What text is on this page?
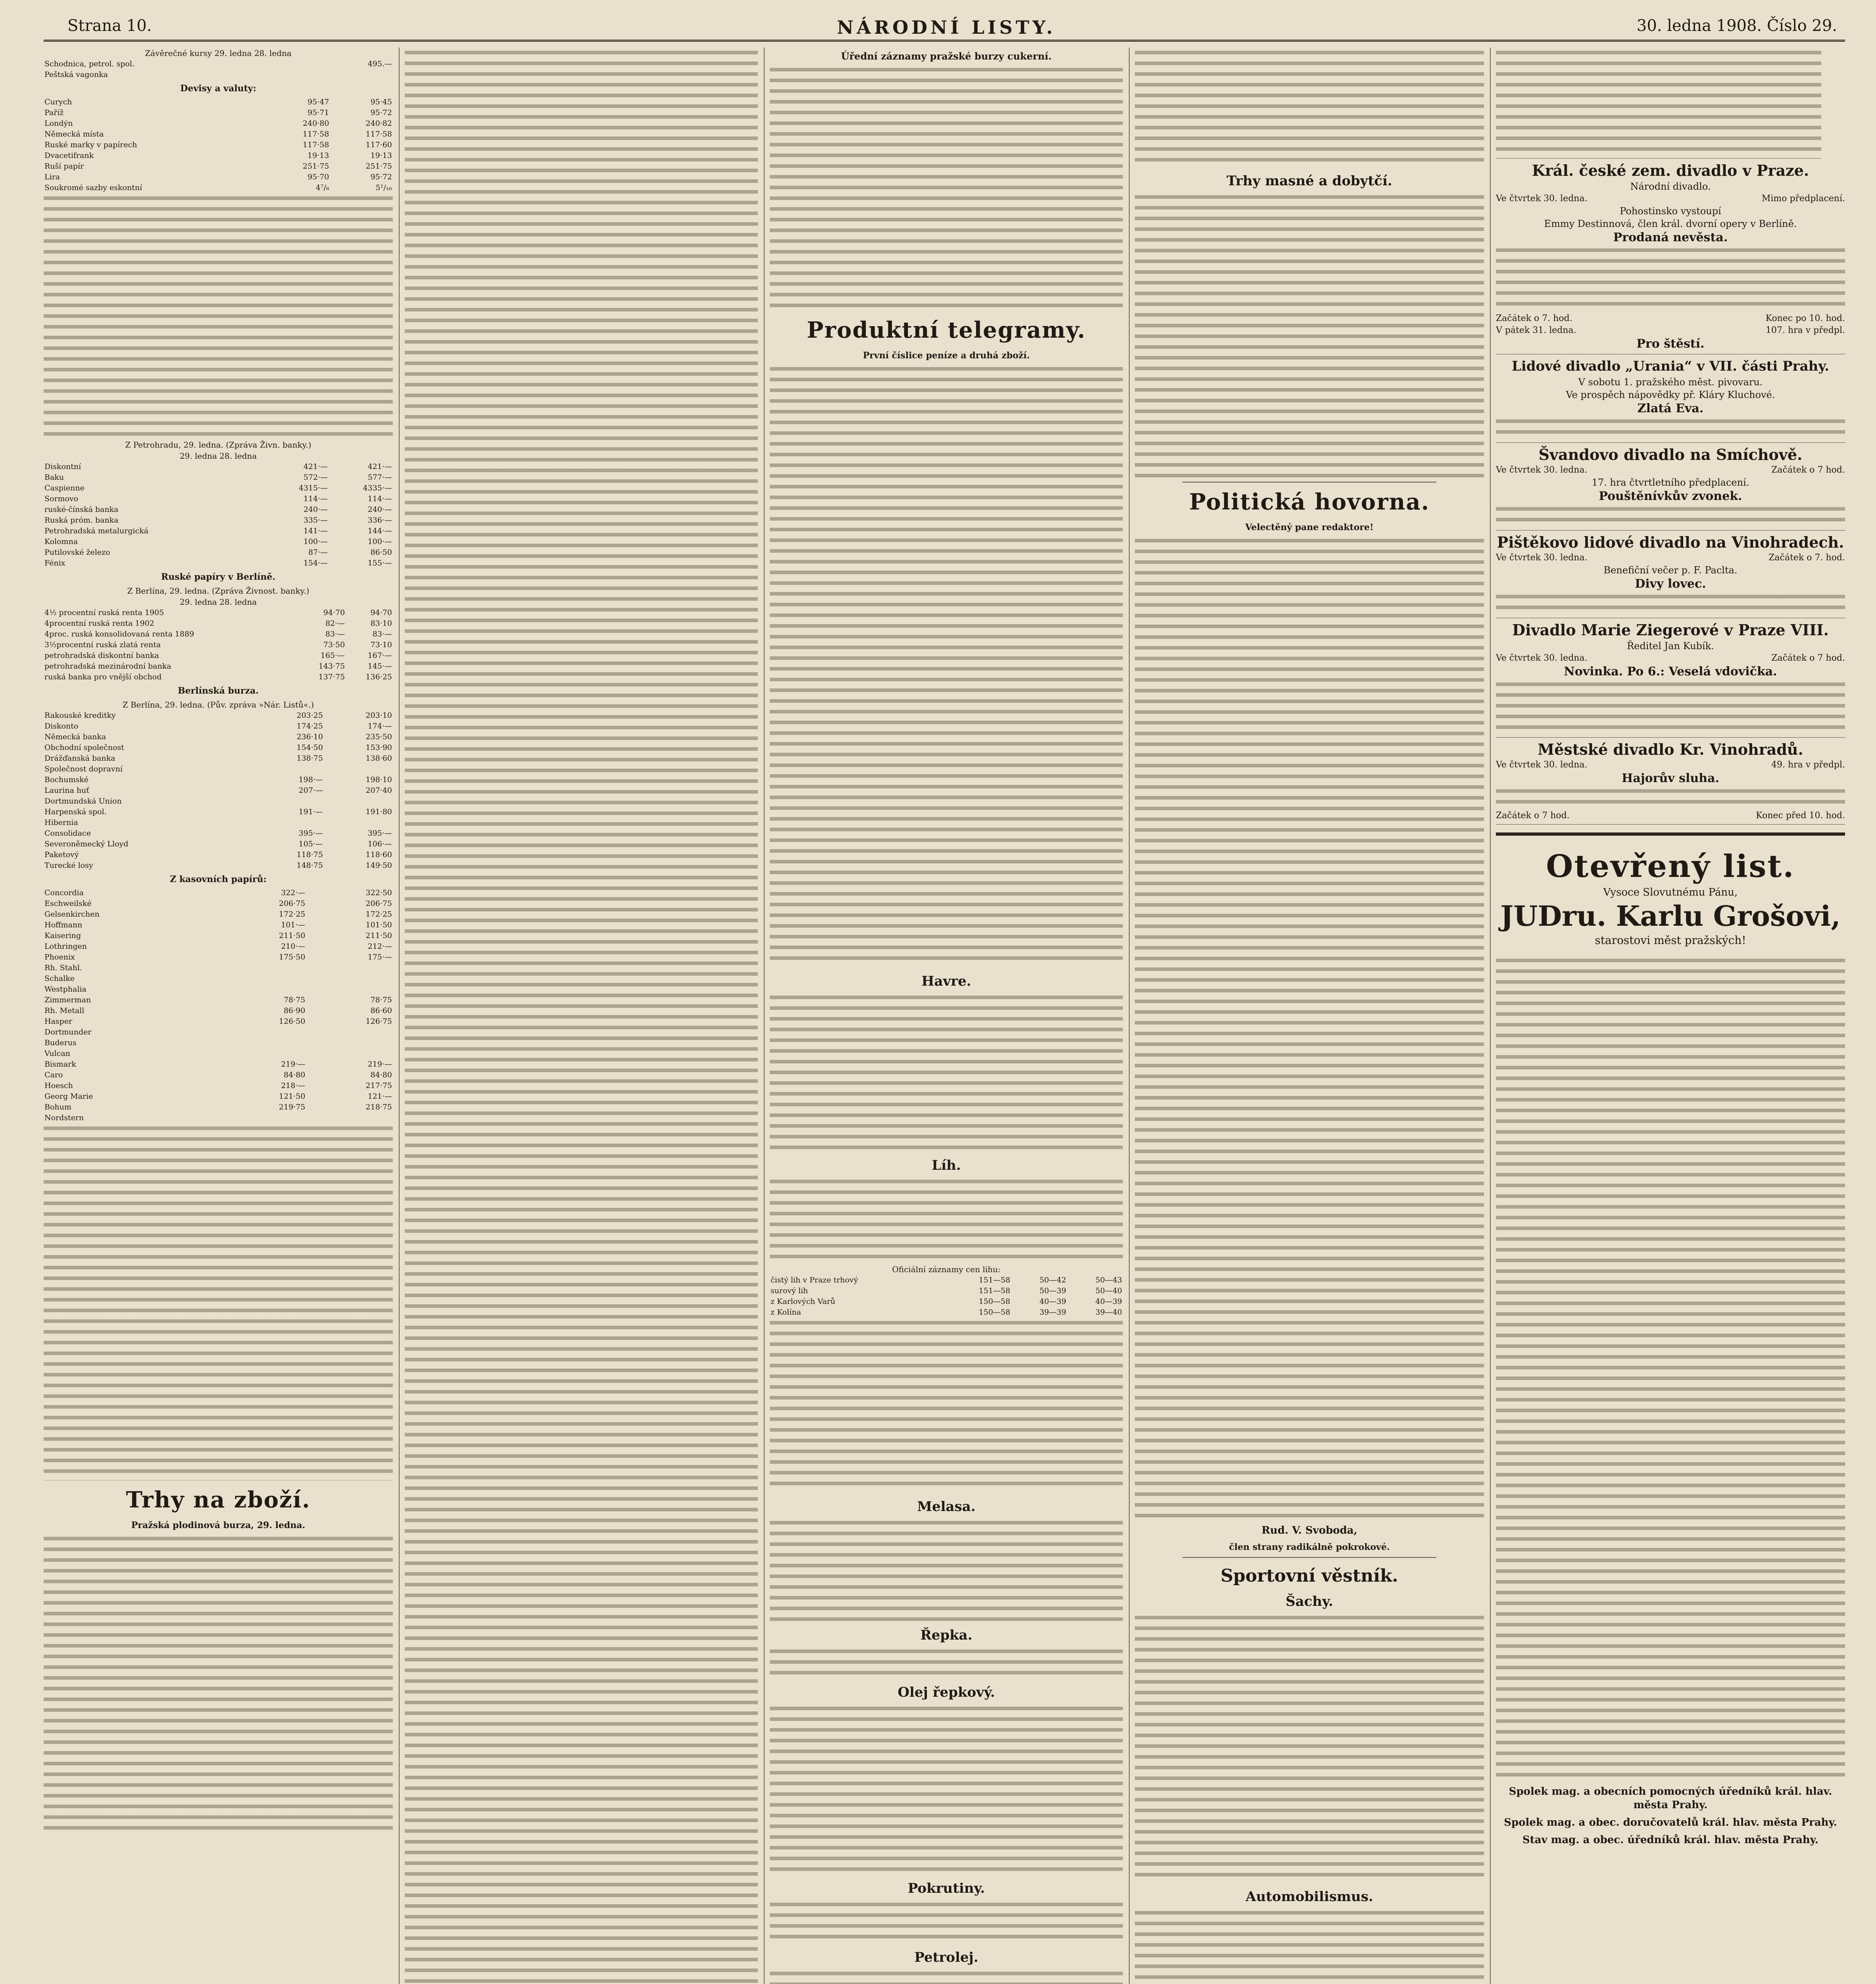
Strana 10.	NÁRODNÍ LISTY.	30. ledna 1908. Číslo 29.
Závěrečné kursy 29. ledna 28. ledna
Schodnica, petrol. spol.		495.—
Peštská vagonka		
Devisy a valuty:
Curych	95·47	95·45
Paříž	95·71	95·72
Londýn	240·80	240·82
Německá místa	117·58	117·58
Ruské marky v papírech	117·58	117·60
Dvacetifrank	19·13	19·13
Ruší papír	251·75	251·75
Lira	95·70	95·72
Soukromé sazby eskontní	4⁷/₈	5¹/₁₆
Z Petrohradu, 29. ledna. (Zpráva Živn. banky.)
29. ledna 28. ledna
Diskontní	421·—	421·—
Baku	572·—	577·—
Caspienne	4315·—	4335·—
Sormovo	114·—	114·—
ruské-čínská banka	240·—	240·—
Ruská próm. banka	335·—	336·—
Petrohradská metalurgická	141·—	144·—
Kolomna	100·—	100·—
Putilovské železo	87·—	86·50
Fénix	154·—	155·—
Ruské papíry v Berlíně.
Z Berlína, 29. ledna. (Zpráva Živnost. banky.)
29. ledna 28. ledna
4½ procentní ruská renta 1905	94·70	94·70
4procentní ruská renta 1902	82·—	83·10
4proc. ruská konsolidovaná renta 1889	83·—	83·—
3½procentní ruská zlatá renta	73·50	73·10
petrohradská diskontní banka	165·—	167·—
petrohradská mezinárodní banka	143·75	145·—
ruská banka pro vnější obchod	137·75	136·25
Berlínská burza.
Z Berlína, 29. ledna. (Pův. zpráva »Nár. Listů«.)
Rakouské kreditky	203·25	203·10
Diskonto	174·25	174·—
Německá banka	236·10	235·50
Obchodní společnost	154·50	153·90
Drážďanská banka	138·75	138·60
Společnost dopravní		
Bochumské	198·—	198·10
Laurina huť	207·—	207·40
Dortmundská Union		
Harpenská spol.	191·—	191·80
Hibernia		
Consolidace	395·—	395·—
Severoněmecký Lloyd	105·—	106·—
Paketový	118·75	118·60
Turecké losy	148·75	149·50
Z kasovních papírů:
Concordia	322·—	322·50
Eschweilské	206·75	206·75
Gelsenkirchen	172·25	172·25
Hoffmann	101·—	101·50
Kaisering	211·50	211·50
Lothringen	210·—	212·—
Phoenix	175·50	175·—
Rh. Stahl.		
Schalke		
Westphalia		
Zimmerman	78·75	78·75
Rh. Metall	86·90	86·60
Hasper	126·50	126·75
Dortmunder		
Buderus		
Vulcan		
Bismark	219·—	219·—
Caro	84·80	84·80
Hoesch	218·—	217·75
Georg Marie	121·50	121·—
Bohum	219·75	218·75
Nordstern		
Trhy na zboží.
Pražská plodinová burza, 29. ledna.
Úřední záznamy pražské burzy cukerní.
Produktní telegramy.
První číslice peníze a druhá zboží.
Havre.
Líh.
Oficiální záznamy cen lihu:
čistý lih v Praze trhový	151—58	50—42	50—43
surový lih	151—58	50—39	50—40
z Karlových Varů	150—58	40—39	40—39
z Kolína	150—58	39—39	39—40
Melasa.
Řepka.
Olej řepkový.
Pokrutiny.
Petrolej.
Trhy masné a dobytčí.
Politická hovorna.
Velectěný pane redaktore!
Rud. V. Svoboda,
člen strany radikálně pokrokové.
Sportovní věstník.
Šachy.
Automobilismus.
Král. české zem. divadlo v Praze.
Národní divadlo.
Ve čtvrtek 30. ledna.	Mimo předplacení.
Pohostinsko vystoupí
Emmy Destinnová, člen král. dvorní opery v Berlíně.
Prodaná nevěsta.
Začátek o 7. hod.	Konec po 10. hod.
V pátek 31. ledna.	107. hra v předpl.
Pro štěstí.
Lidové divadlo „Urania“ v VII. části Prahy.
V sobotu 1. pražského měst. pivovaru.
Ve prospěch nápovědky př. Kláry Kluchové.
Zlatá Eva.
Švandovo divadlo na Smíchově.
Ve čtvrtek 30. ledna.	Začátek o 7 hod.
17. hra čtvrtletního předplacení.
Pouštěnívkův zvonek.
Pištěkovo lidové divadlo na Vinohradech.
Ve čtvrtek 30. ledna.	Začátek o 7. hod.
Benefiční večer p. F. Paclta.
Divy lovec.
Divadlo Marie Ziegerové v Praze VIII.
Ředitel Jan Kubík.
Ve čtvrtek 30. ledna.	Začátek o 7 hod.
Novinka. Po 6.: Veselá vdovička.
Městské divadlo Kr. Vinohradů.
Ve čtvrtek 30. ledna.	49. hra v předpl.
Hajorův sluha.
Začátek o 7 hod.	Konec před 10. hod.
Otevřený list.
Vysoce Slovutnému Pánu,
JUDru. Karlu Grošovi,
starostovi měst pražských!
Spolek mag. a obecních pomocných úředníků král. hlav. města Prahy.
Spolek mag. a obec. doručovatelů král. hlav. města Prahy.
Stav mag. a obec. úředníků král. hlav. města Prahy.
